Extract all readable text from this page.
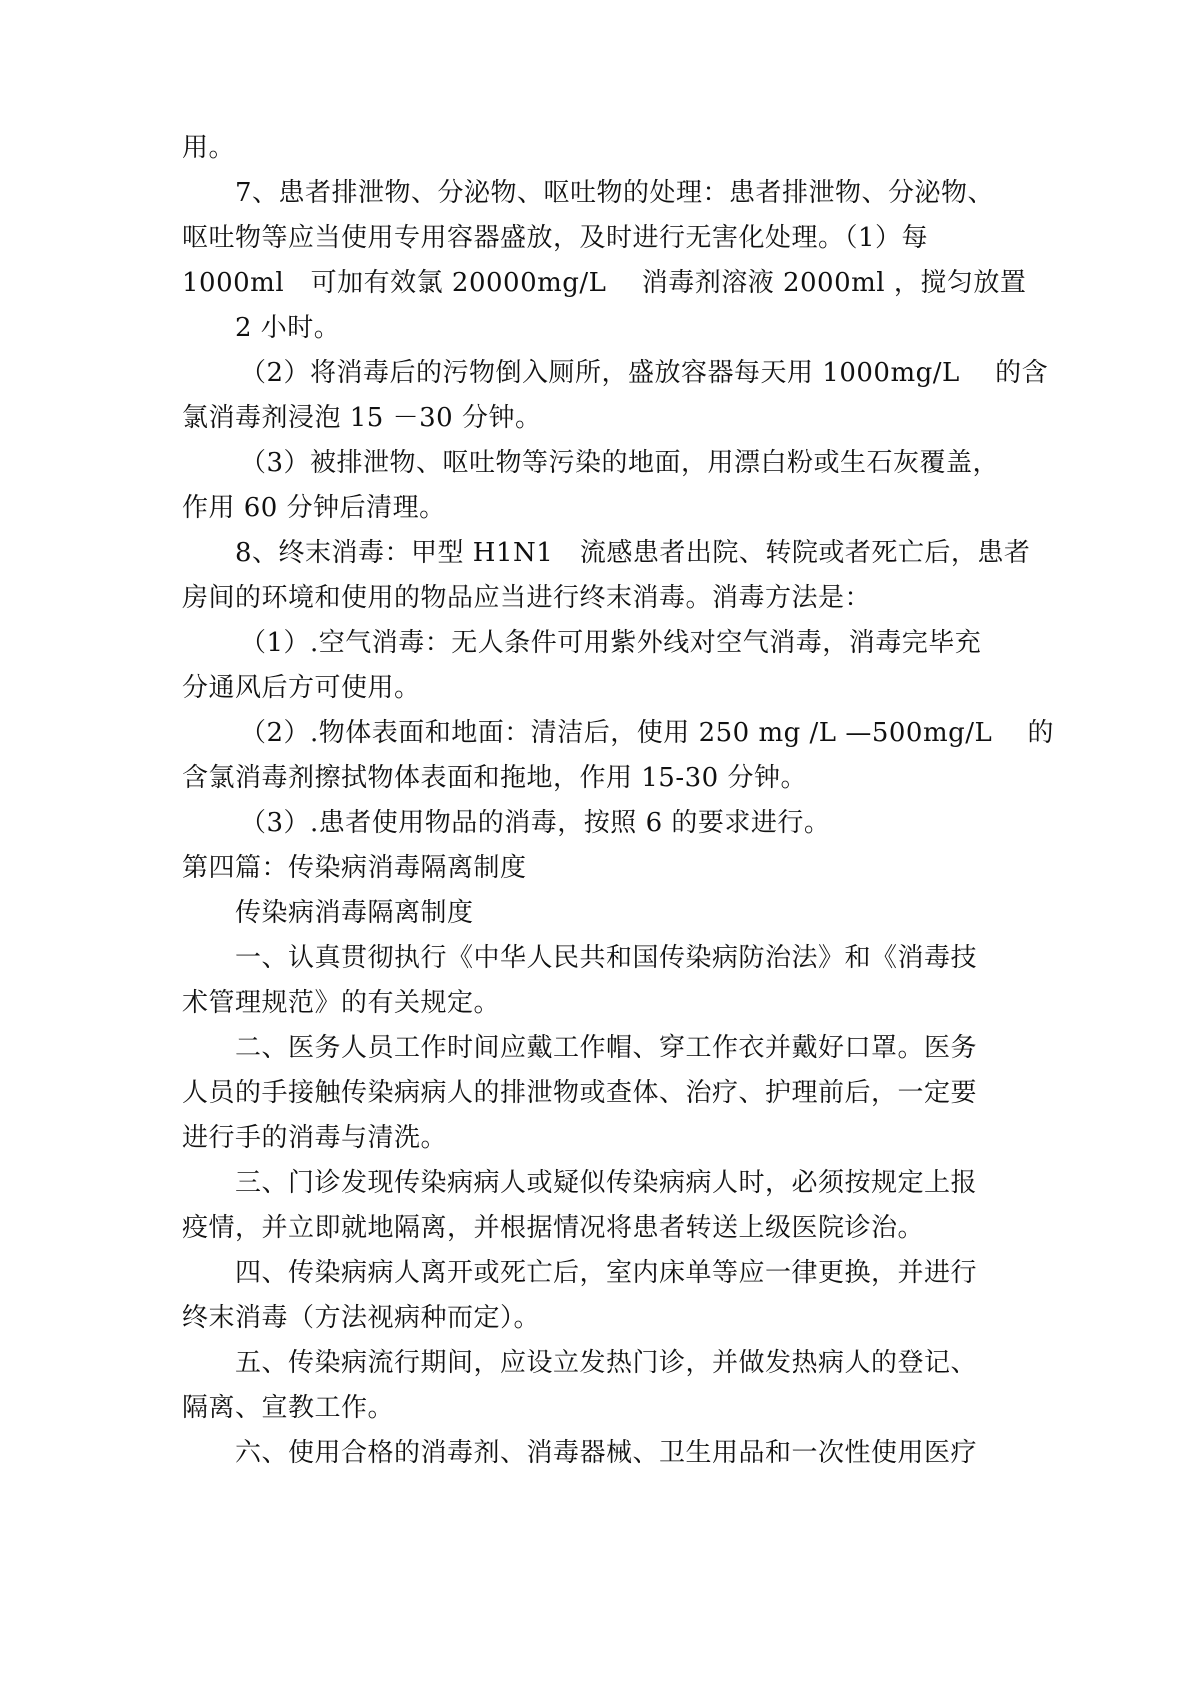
用。
7、患者排泄物、分泌物、呕吐物的处理：患者排泄物、分泌物、
呕吐物等应当使用专用容器盛放，及时进行无害化处理。（1）每
1000ml　可加有效氯 20000mg/L　 消毒剂溶液 2000ml ，搅匀放置
2 小时。
（2）将消毒后的污物倒入厕所，盛放容器每天用 1000mg/L　 的含
氯消毒剂浸泡 15 －30 分钟。
（3）被排泄物、呕吐物等污染的地面，用漂白粉或生石灰覆盖，
作用 60 分钟后清理。
8、终末消毒：甲型 H1N1　流感患者出院、转院或者死亡后，患者
房间的环境和使用的物品应当进行终末消毒。消毒方法是：
（1）.空气消毒：无人条件可用紫外线对空气消毒，消毒完毕充
分通风后方可使用。
（2）.物体表面和地面：清洁后，使用 250 mg /L —500mg/L　 的
含氯消毒剂擦拭物体表面和拖地，作用 15-30 分钟。
（3）.患者使用物品的消毒，按照 6 的要求进行。
第四篇：传染病消毒隔离制度
传染病消毒隔离制度
一、认真贯彻执行《中华人民共和国传染病防治法》和《消毒技
术管理规范》的有关规定。
二、医务人员工作时间应戴工作帽、穿工作衣并戴好口罩。医务
人员的手接触传染病病人的排泄物或查体、治疗、护理前后，一定要
进行手的消毒与清洗。
三、门诊发现传染病病人或疑似传染病病人时，必须按规定上报
疫情，并立即就地隔离，并根据情况将患者转送上级医院诊治。
四、传染病病人离开或死亡后，室内床单等应一律更换，并进行
终末消毒（方法视病种而定）。
五、传染病流行期间，应设立发热门诊，并做发热病人的登记、
隔离、宣教工作。
六、使用合格的消毒剂、消毒器械、卫生用品和一次性使用医疗
